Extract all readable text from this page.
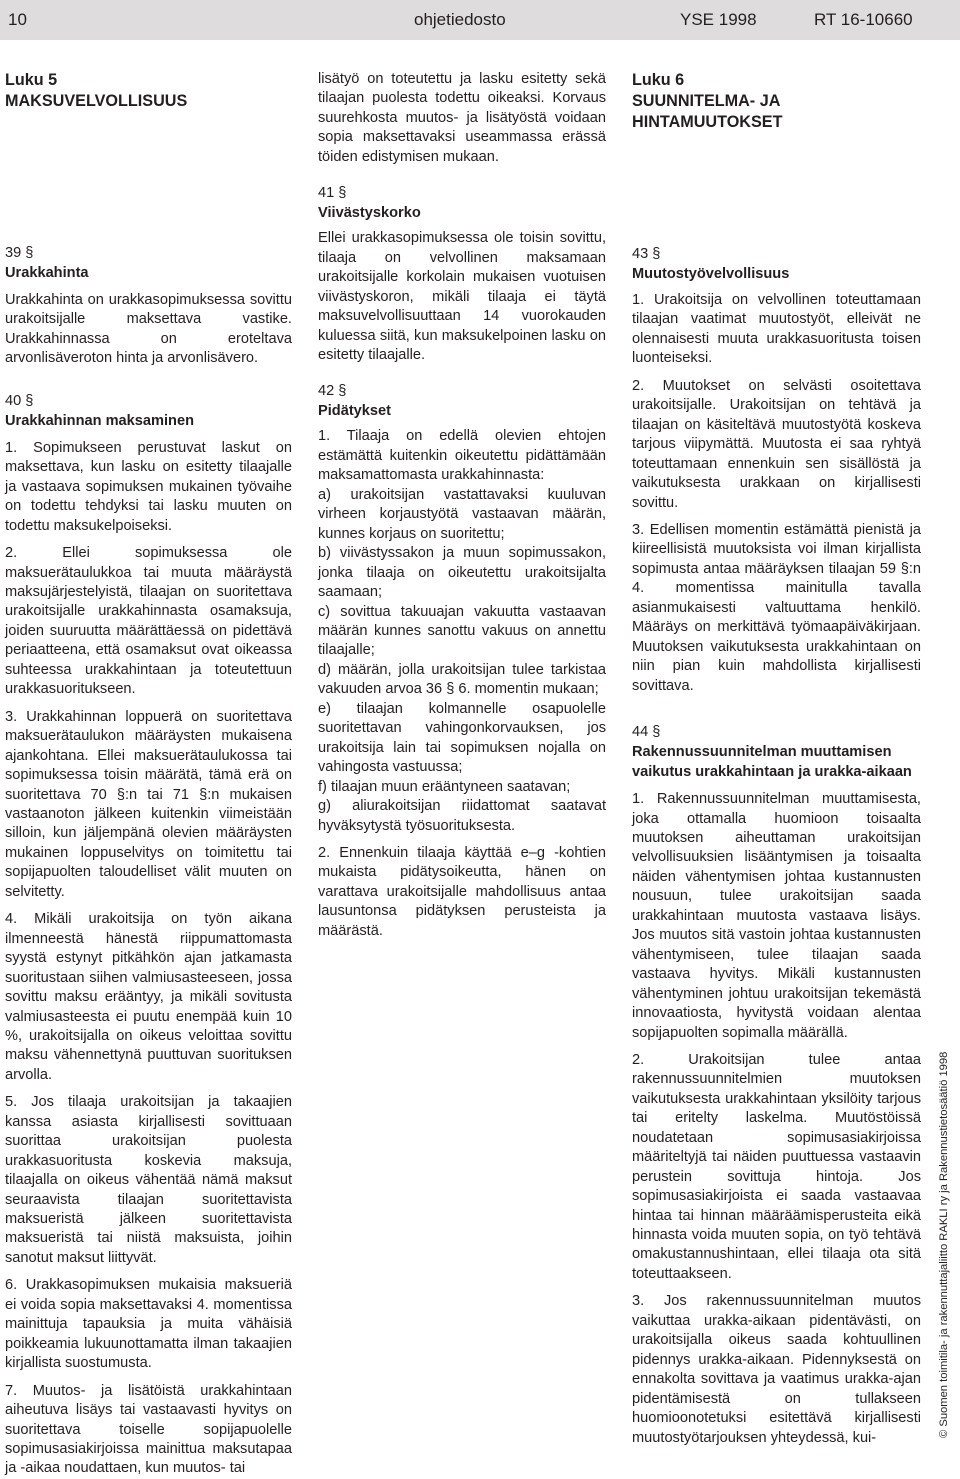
10	ohjetiedosto	YSE 1998	RT 16-10660
Luku 5
MAKSUVELVOLLISUUS
39 §
Urakkahinta

Urakkahinta on urakkasopimuksessa sovittu urakoitsijalle maksettava vastike. Urakkahinnassa on eroteltava arvonlisäveroton hinta ja arvonlisävero.

40 §
Urakkahinnan maksaminen

1. Sopimukseen perustuvat laskut on maksettava, kun lasku on esitetty tilaajalle ja vastaava sopimuksen mukainen työvaihe on todettu tehdyksi tai lasku muuten on todettu maksukelpoiseksi.

2. Ellei sopimuksessa ole maksuerätaulukkoa tai muuta määräystä maksujärjestelyistä, tilaajan on suoritettava urakoitsijalle urakkahinnasta osamaksuja, joiden suuruutta määrättäessä on pidettävä periaatteena, että osamaksut ovat oikeassa suhteessa urakkahintaan ja toteutettuun urakkasuoritukseen.

3. Urakkahinnan loppuerä on suoritettava maksuerätaulukon määräysten mukaisena ajankohtana. Ellei maksuerätaulukossa tai sopimuksessa toisin määrätä, tämä erä on suoritettava 70 §:n tai 71 §:n mukaisen vastaanoton jälkeen kuitenkin viimeistään silloin, kun jäljempänä olevien määräysten mukainen loppuselvitys on toimitettu tai sopijapuolten taloudelliset välit muuten on selvitetty.

4. Mikäli urakoitsija on työn aikana ilmenneestä hänestä riippumattomasta syystä estynyt pitkähkön ajan jatkamasta suoritustaan siihen valmiusasteeseen, jossa sovittu maksu erääntyy, ja mikäli sovitusta valmiusasteesta ei puutu enempää kuin 10 %, urakoitsijalla on oikeus veloittaa sovittu maksu vähennettynä puuttuvan suorituksen arvolla.

5. Jos tilaaja urakoitsijan ja takaajien kanssa asiasta kirjallisesti sovittuaan suorittaa urakoitsijan puolesta urakkasuoritusta koskevia maksuja, tilaajalla on oikeus vähentää nämä maksut seuraavista tilaajan suoritettavista maksueristä jälkeen suoritettavista maksueristä tai niistä maksuista, joihin sanotut maksut liittyvät.

6. Urakkasopimuksen mukaisia maksueriä ei voida sopia maksettavaksi 4. momentissa mainittuja tapauksia ja muita vähäisiä poikkeamia lukuunottamatta ilman takaajien kirjallista suostumusta.

7. Muutos- ja lisätöistä urakkahintaan aiheutuva lisäys tai vastaavasti hyvitys on suoritettava toiselle sopijapuolelle sopimusasiakirjoissa mainittua maksutapaa ja -aikaa noudattaen, kun muutos- tai

lisätyö on toteutettu ja lasku esitetty sekä tilaajan puolesta todettu oikeaksi. Korvaus suurehkosta muutos- ja lisätyöstä voidaan sopia maksettavaksi useammassa erässä töiden edistymisen mukaan.

41 §
Viivästyskorko

Ellei urakkasopimuksessa ole toisin sovittu, tilaaja on velvollinen maksamaan urakoitsijalle korkolain mukaisen vuotuisen viivästyskoron, mikäli tilaaja ei täytä maksuvelvollisuuttaan 14 vuorokauden kuluessa siitä, kun maksukelpoinen lasku on esitetty tilaajalle.

42 §
Pidätykset

1. Tilaaja on edellä olevien ehtojen estämättä kuitenkin oikeutettu pidättämään maksamattomasta urakkahinnasta:

a) urakoitsijan vastattavaksi kuuluvan virheen korjaustyötä vastaavan määrän, kunnes korjaus on suoritettu;

b) viivästyssakon ja muun sopimussakon, jonka tilaaja on oikeutettu urakoitsijalta saamaan;

c) sovittua takuuajan vakuutta vastaavan määrän kunnes sanottu vakuus on annettu tilaajalle;

d) määrän, jolla urakoitsijan tulee tarkistaa vakuuden arvoa 36 § 6. momentin mukaan;

e) tilaajan kolmannelle osapuolelle suoritettavan vahingonkorvauksen, jos urakoitsija lain tai sopimuksen nojalla on vahingosta vastuussa;

f) tilaajan muun erääntyneen saatavan;

g) aliurakoitsijan riidattomat saatavat hyväksytystä työsuorituksesta.

2. Ennenkuin tilaaja käyttää e–g -kohtien mukaista pidätysoikeutta, hänen on varattava urakoitsijalle mahdollisuus antaa lausuntonsa pidätyksen perusteista ja määrästä.

Luku 6
SUUNNITELMA- JA HINTAMUUTOKSET
43 §
Muutostyövelvollisuus

1. Urakoitsija on velvollinen toteuttamaan tilaajan vaatimat muutostyöt, elleivät ne olennaisesti muuta urakkasuoritusta toisen luonteiseksi.

2. Muutokset on selvästi osoitettava urakoitsijalle. Urakoitsijan on tehtävä ja tilaajan on käsiteltävä muutostyötä koskeva tarjous viipymättä. Muutosta ei saa ryhtyä toteuttamaan ennenkuin sen sisällöstä ja vaikutuksesta urakkaan on kirjallisesti sovittu.

3. Edellisen momentin estämättä pienistä ja kiireellisistä muutoksista voi ilman kirjallista sopimusta antaa määräyksen tilaajan 59 §:n 4. momentissa mainitulla tavalla asianmukaisesti valtuuttama henkilö. Määräys on merkittävä työmaapäiväkirjaan. Muutoksen vaikutuksesta urakkahintaan on niin pian kuin mahdollista kirjallisesti sovittava.

44 §
Rakennussuunnitelman muuttamisen vaikutus urakkahintaan ja urakka-aikaan

1. Rakennussuunnitelman muuttamisesta, joka ottamalla huomioon toisaalta muutoksen aiheuttaman urakoitsijan velvollisuuksien lisääntymisen ja toisaalta näiden vähentymisen johtaa kustannusten nousuun, tulee urakoitsijan saada urakkahintaan muutosta vastaava lisäys. Jos muutos sitä vastoin johtaa kustannusten vähentymiseen, tulee tilaajan saada vastaava hyvitys. Mikäli kustannusten vähentyminen johtuu urakoitsijan tekemästä innovaatiosta, hyvitystä voidaan alentaa sopijapuolten sopimalla määrällä.

2. Urakoitsijan tulee antaa rakennussuunnitelmien muutoksen vaikutuksesta urakkahintaan yksilöity tarjous tai eritelty laskelma. Muutöstöissä noudatetaan sopimusasiakirjoissa määriteltyjä tai näiden puuttuessa vastaavin perustein sovittuja hintoja. Jos sopimusasiakirjoista ei saada vastaavaa hintaa tai hinnan määräämisperusteita eikä hinnasta voida muuten sopia, on työ tehtävä omakustannushintaan, ellei tilaaja ota sitä toteuttaakseen.

3. Jos rakennussuunnitelman muutos vaikuttaa urakka-aikaan pidentävästi, on urakoitsijalla oikeus saada kohtuullinen pidennys urakka-aikaan. Pidennyksestä on ennakolta sovittava ja vaatimus urakka-ajan pidentämisestä on tullakseen huomioonotetuksi esitettävä kirjallisesti muutostyötarjouksen yhteydessä, kui-	© Suomen toimitila- ja rakennuttajaliitto RAKLI ry ja Rakennustietosäätiö 1998
